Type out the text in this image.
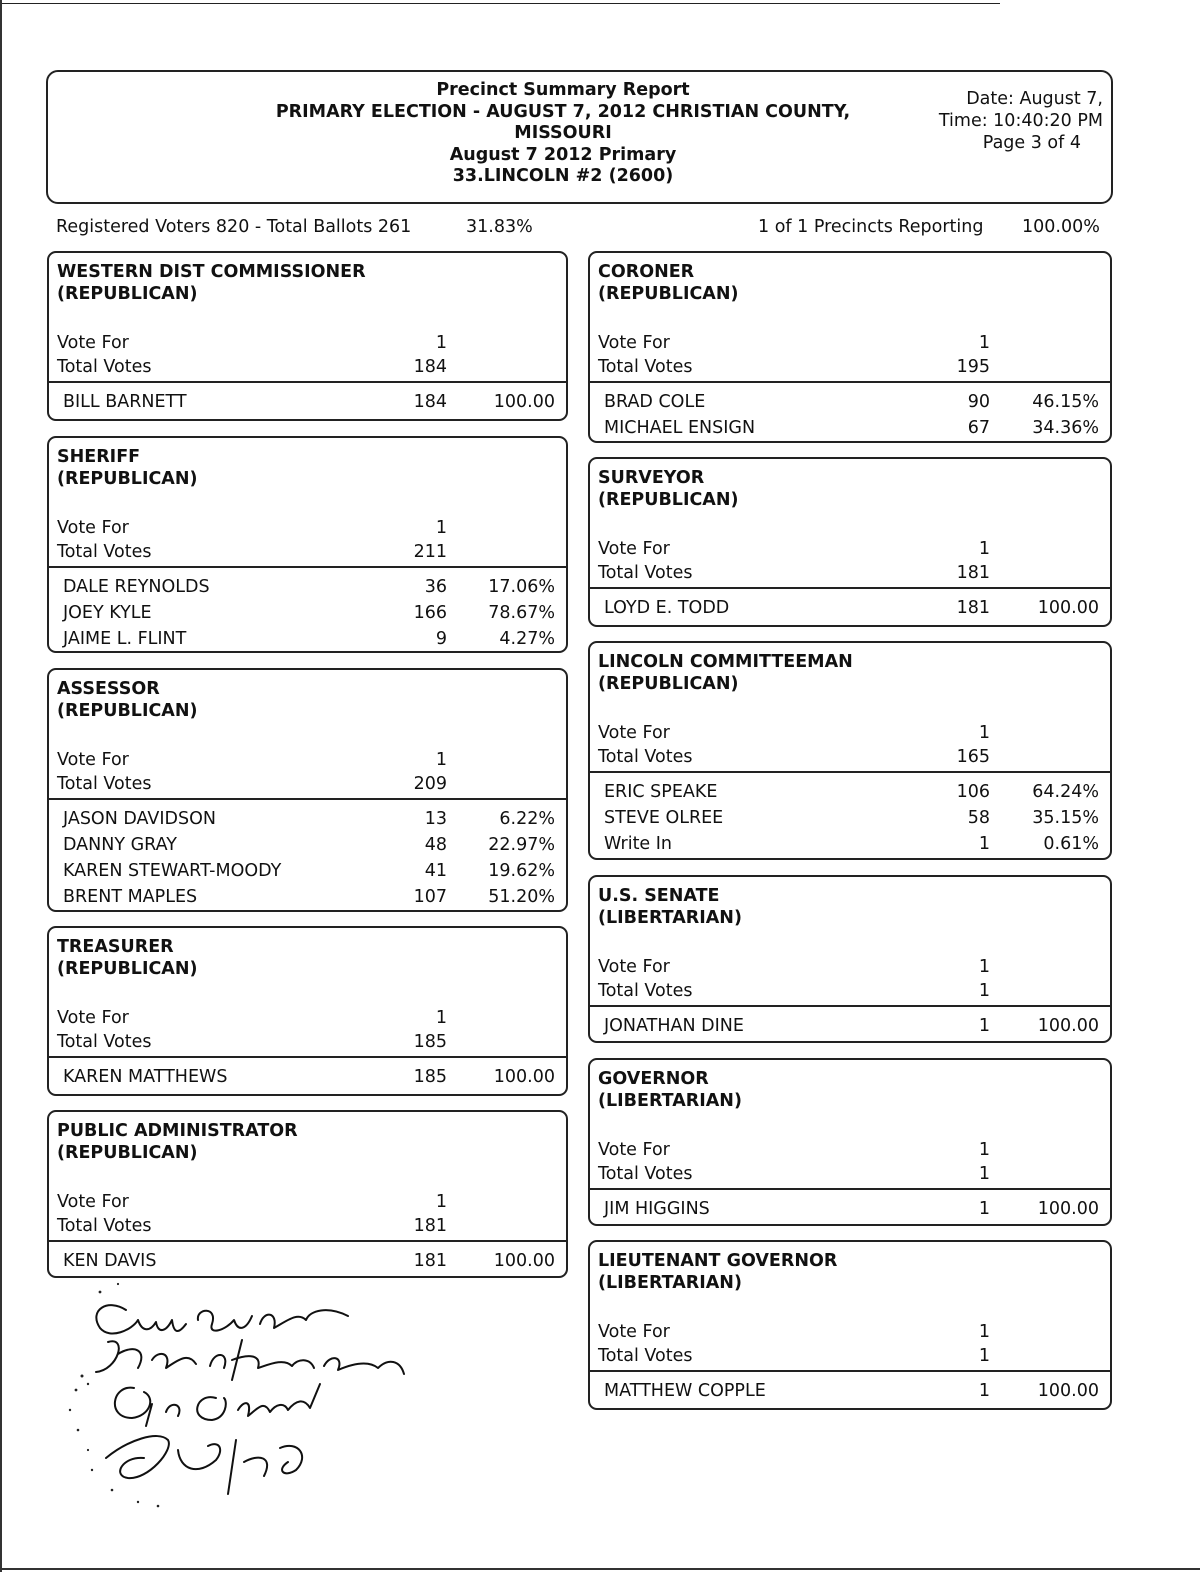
Precinct Summary Report
PRIMARY ELECTION - AUGUST 7, 2012 CHRISTIAN COUNTY,
MISSOURI
August 7 2012 Primary
33.LINCOLN #2 (2600)
Date: August 7,
Time: 10:40:20 PM
Page 3 of 4
Registered Voters 820 - Total Ballots 261	31.83%	1 of 1 Precincts Reporting 100.00%
WESTERN DIST COMMISSIONER
(REPUBLICAN)
Vote For	1
Total Votes	184
BILL BARNETT	184	100.00
SHERIFF
(REPUBLICAN)
Vote For	1
Total Votes	211
DALE REYNOLDS	36	17.06%
JOEY KYLE	166	78.67%
JAIME L. FLINT	9	4.27%
ASSESSOR
(REPUBLICAN)
Vote For	1
Total Votes	209
JASON DAVIDSON	13	6.22%
DANNY GRAY	48	22.97%
KAREN STEWART-MOODY	41	19.62%
BRENT MAPLES	107	51.20%
TREASURER
(REPUBLICAN)
Vote For	1
Total Votes	185
KAREN MATTHEWS	185	100.00
PUBLIC ADMINISTRATOR
(REPUBLICAN)
Vote For	1
Total Votes	181
KEN DAVIS	181	100.00
CORONER
(REPUBLICAN)
Vote For	1
Total Votes	195
BRAD COLE	90	46.15%
MICHAEL ENSIGN	67	34.36%
SURVEYOR
(REPUBLICAN)
Vote For	1
Total Votes	181
LOYD E. TODD	181	100.00
LINCOLN COMMITTEEMAN
(REPUBLICAN)
Vote For	1
Total Votes	165
ERIC SPEAKE	106	64.24%
STEVE OLREE	58	35.15%
Write In	1	0.61%
U.S. SENATE
(LIBERTARIAN)
Vote For	1
Total Votes	1
JONATHAN DINE	1	100.00
GOVERNOR
(LIBERTARIAN)
Vote For	1
Total Votes	1
JIM HIGGINS	1	100.00
LIEUTENANT GOVERNOR
(LIBERTARIAN)
Vote For	1
Total Votes	1
MATTHEW COPPLE	1	100.00
